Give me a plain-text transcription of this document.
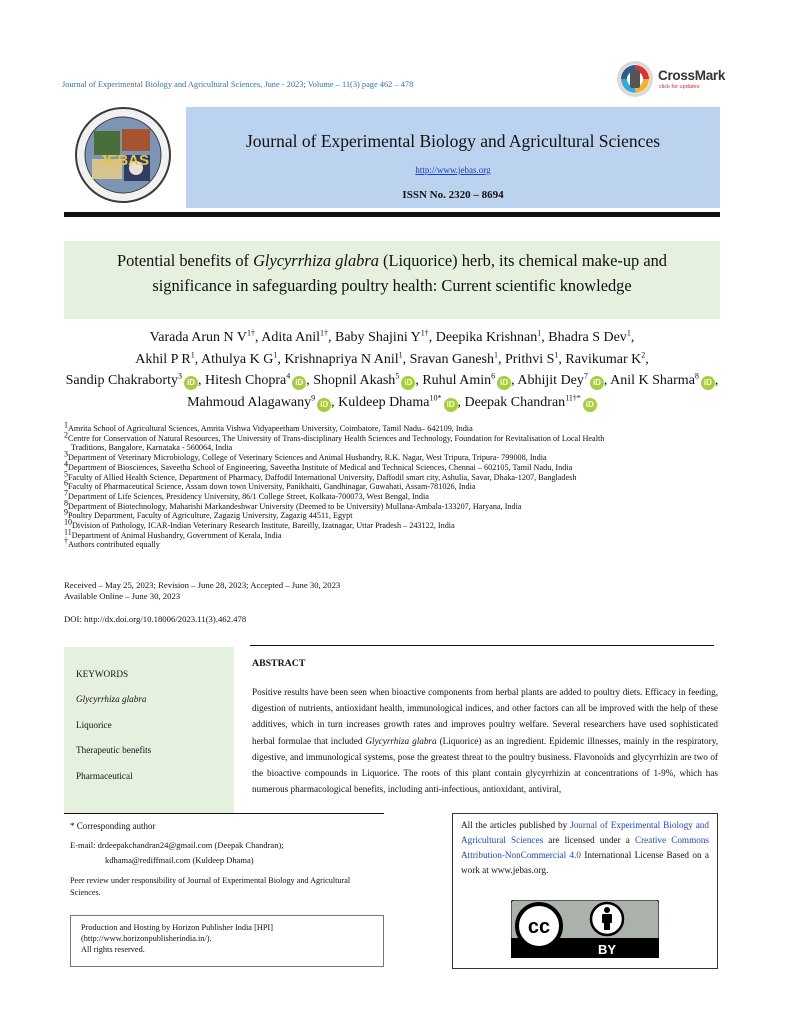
Journal of Experimental Biology and Agricultural Sciences, June - 2023; Volume – 11(3) page 462 – 478
CrossMark
click for updates
JEBAS
Journal of Experimental Biology and Agricultural Sciences
http://www.jebas.org
ISSN No. 2320 – 8694
Potential benefits of Glycyrrhiza glabra (Liquorice) herb, its chemical make-up and significance in safeguarding poultry health: Current scientific knowledge
Varada Arun N $V^{1\dagger}$, Adita Anil$^{1\dagger}$, Baby Shajini $Y^{1\dagger}$, Deepika Krishnan$^1$, Bhadra S Dev$^1$,
Akhil P $R^1$, Athulya K $G^1$, Krishnapriya N Anil$^1$, Sravan Ganesh$^1$, Prithvi $S^1$, Ravikumar $K^2$,
Sandip Chakraborty$^3$iD , Hitesh Chopra$^4$iD , Shopnil Akash$^5$iD , Ruhul Amin$^6$iD , Abhijit Dey$^7$iD , Anil K Sharma$^8$iD ,
Mahmoud Alagawany$^9$iD , Kuldeep Dhama$^{10*}$iD , Deepak Chandran$^{11\dagger*}$iD
$^1$Amrita School of Agricultural Sciences, Amrita Vishwa Vidyapeetham University, Coimbatore, Tamil Nadu– 642109, India
$^2$Centre for Conservation of Natural Resources, The University of Trans-disciplinary Health Sciences and Technology, Foundation for Revitalisation of Local Health
Traditions, Bangalore, Karnataka - 560064, India
$^3$Department of Veterinary Microbiology, College of Veterinary Sciences and Animal Husbandry, R.K. Nagar, West Tripura, Tripura- 799008, India
$^4$Department of Biosciences, Saveetha School of Engineering, Saveetha Institute of Medical and Technical Sciences, Chennai – 602105, Tamil Nadu, India
$^5$Faculty of Allied Health Science, Department of Pharmacy, Daffodil International University, Daffodil smart city, Ashulia, Savar, Dhaka-1207, Bangladesh
$^6$Faculty of Pharmaceutical Science, Assam down town University, Panikhaiti, Gandhinagar, Guwahati, Assam-781026, India
$^7$Department of Life Sciences, Presidency University, 86/1 College Street, Kolkata-700073, West Bengal, India
$^8$Department of Biotechnology, Maharishi Markandeshwar University (Deemed to be University) Mullana-Ambala-133207, Haryana, India
$^9$Poultry Department, Faculty of Agriculture, Zagazig University, Zagazig 44511, Egypt
$^{10}$Division of Pathology, ICAR-Indian Veterinary Research Institute, Bareilly, Izatnagar, Uttar Pradesh – 243122, India
$^{11}$Department of Animal Husbandry, Government of Kerala, India
†Authors contributed equally
Received – May 25, 2023; Revision – June 28, 2023; Accepted – June 30, 2023
Available Online – June 30, 2023
DOI: http://dx.doi.org/10.18006/2023.11(3).462.478
KEYWORDS
Glycyrrhiza glabra
Liquorice
Therapeutic benefits
Pharmaceutical
ABSTRACT
Positive results have been seen when bioactive components from herbal plants are added to poultry diets. Efficacy in feeding, digestion of nutrients, antioxidant health, immunological indices, and other factors can all be improved with the help of these additives, which in turn increases growth rates and improves poultry welfare. Several researchers have used sophisticated herbal formulae that included Glycyrrhiza glabra (Liquorice) as an ingredient. Epidemic illnesses, mainly in the respiratory, digestive, and immunological systems, pose the greatest threat to the poultry business. Flavonoids and glycyrrhizin are two of the bioactive compounds in Liquorice. The roots of this plant contain glycyrrhizin at concentrations of 1-9%, which has numerous pharmacological benefits, including anti-infectious, antioxidant, antiviral,
* Corresponding author
E-mail: drdeepakchandran24@gmail.com (Deepak Chandran);
kdhama@rediffmail.com (Kuldeep Dhama)
Peer review under responsibility of Journal of Experimental Biology and Agricultural Sciences.
Production and Hosting by Horizon Publisher India [HPI]
(http://www.horizonpublisherindia.in/).
All rights reserved.
All the articles published by Journal of Experimental Biology and Agricultural Sciences are licensed under a Creative Commons Attribution-NonCommercial 4.0 International License Based on a work at www.jebas.org.
cc
BY
